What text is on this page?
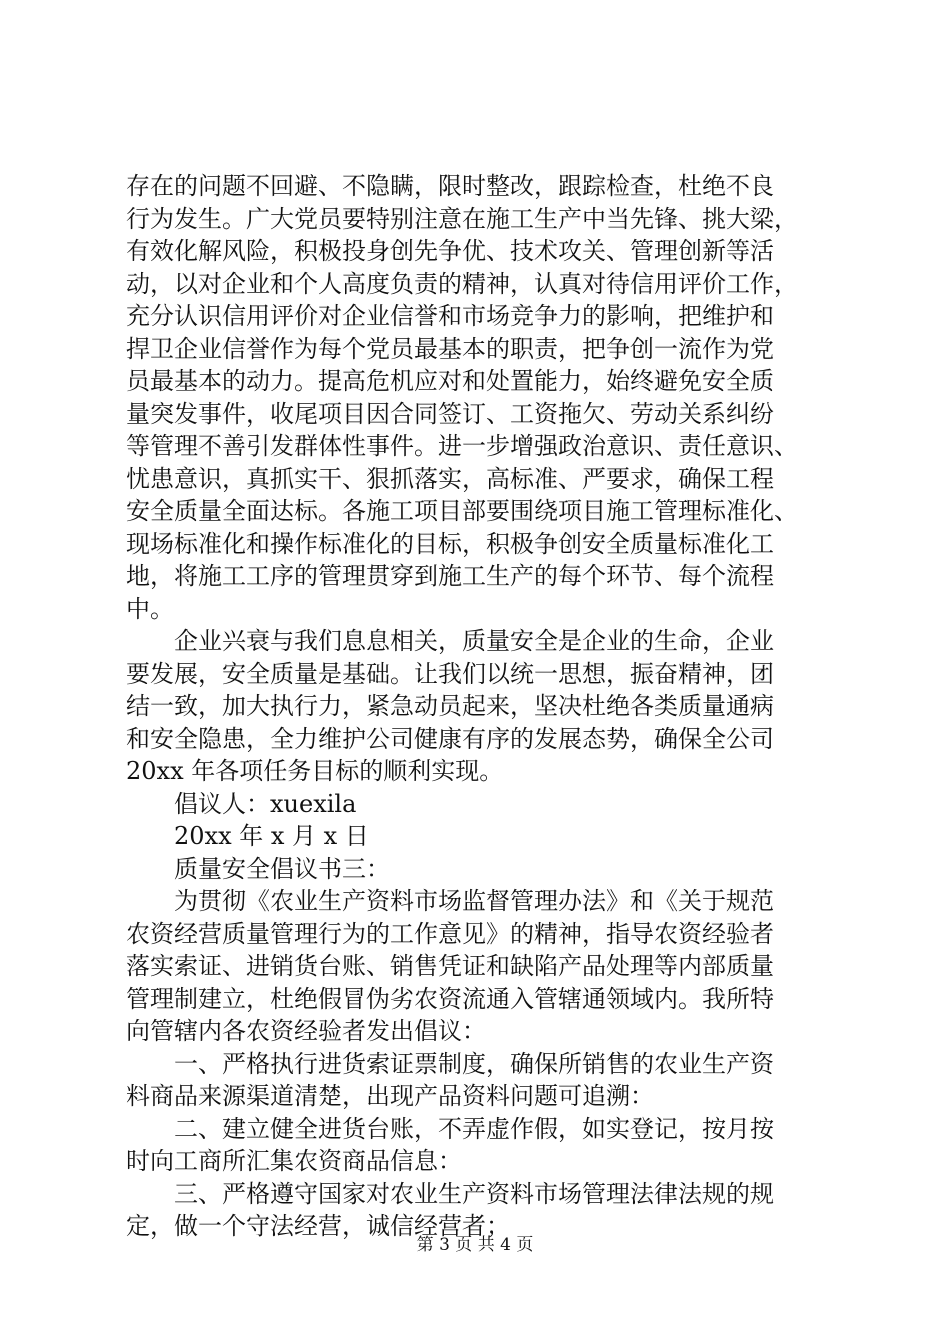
存在的问题不回避、不隐瞒，限时整改，跟踪检查，杜绝不良
行为发生。广大党员要特别注意在施工生产中当先锋、挑大梁，
有效化解风险，积极投身创先争优、技术攻关、管理创新等活
动，以对企业和个人高度负责的精神，认真对待信用评价工作，
充分认识信用评价对企业信誉和市场竞争力的影响，把维护和
捍卫企业信誉作为每个党员最基本的职责，把争创一流作为党
员最基本的动力。提高危机应对和处置能力，始终避免安全质
量突发事件，收尾项目因合同签订、工资拖欠、劳动关系纠纷
等管理不善引发群体性事件。进一步增强政治意识、责任意识、
忧患意识，真抓实干、狠抓落实，高标准、严要求，确保工程
安全质量全面达标。各施工项目部要围绕项目施工管理标准化、
现场标准化和操作标准化的目标，积极争创安全质量标准化工
地，将施工工序的管理贯穿到施工生产的每个环节、每个流程
中。
企业兴衰与我们息息相关，质量安全是企业的生命，企业
要发展，安全质量是基础。让我们以统一思想，振奋精神，团
结一致，加大执行力，紧急动员起来，坚决杜绝各类质量通病
和安全隐患，全力维护公司健康有序的发展态势，确保全公司
20xx 年各项任务目标的顺利实现。
倡议人：xuexila
20xx 年 x 月 x 日
质量安全倡议书三：
为贯彻《农业生产资料市场监督管理办法》和《关于规范
农资经营质量管理行为的工作意见》的精神，指导农资经验者
落实索证、进销货台账、销售凭证和缺陷产品处理等内部质量
管理制建立，杜绝假冒伪劣农资流通入管辖通领域内。我所特
向管辖内各农资经验者发出倡议：
一、严格执行进货索证票制度，确保所销售的农业生产资
料商品来源渠道清楚，出现产品资料问题可追溯：
二、建立健全进货台账，不弄虚作假，如实登记，按月按
时向工商所汇集农资商品信息：
三、严格遵守国家对农业生产资料市场管理法律法规的规
定，做一个守法经营，诚信经营者；
第 3 页 共 4 页
